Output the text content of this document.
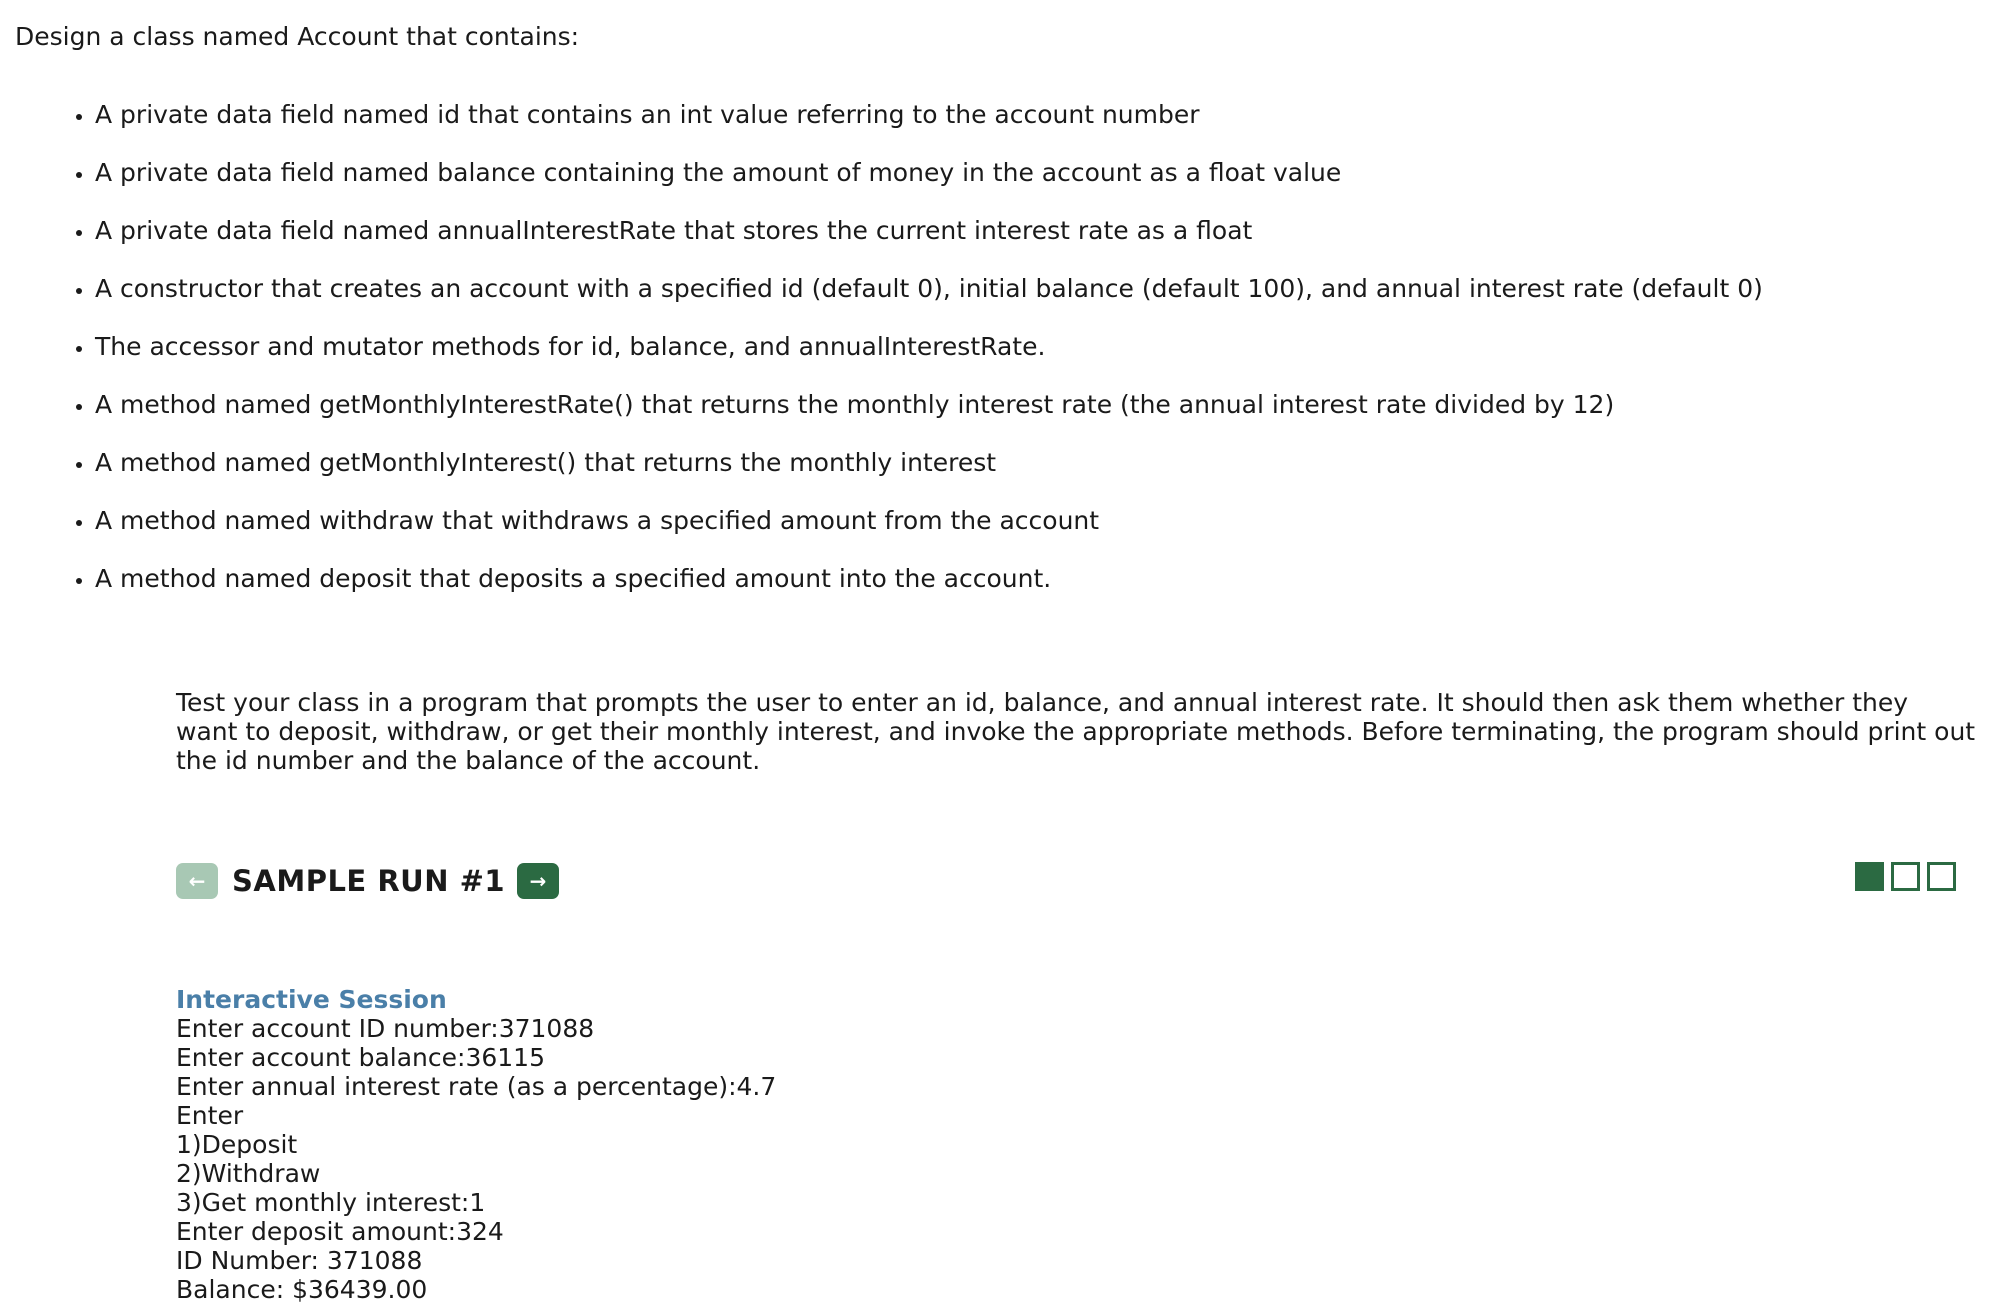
Design a class named Account that contains:

• A private data field named id that contains an int value referring to the account number
• A private data field named balance containing the amount of money in the account as a float value
• A private data field named annualInterestRate that stores the current interest rate as a float
• A constructor that creates an account with a specified id (default 0), initial balance (default 100), and annual interest rate (default 0)
• The accessor and mutator methods for id, balance, and annualInterestRate.
• A method named getMonthlyInterestRate() that returns the monthly interest rate (the annual interest rate divided by 12)
• A method named getMonthlyInterest() that returns the monthly interest
• A method named withdraw that withdraws a specified amount from the account
• A method named deposit that deposits a specified amount into the account.

Test your class in a program that prompts the user to enter an id, balance, and annual interest rate. It should then ask them whether they want to deposit, withdraw, or get their monthly interest, and invoke the appropriate methods. Before terminating, the program should print out the id number and the balance of the account.

← SAMPLE RUN #1 →
Interactive Session
Enter account ID number:371088
Enter account balance:36115
Enter annual interest rate (as a percentage):4.7
Enter
1)Deposit
2)Withdraw
3)Get monthly interest:1
Enter deposit amount:324
ID Number: 371088
Balance: $36439.00
